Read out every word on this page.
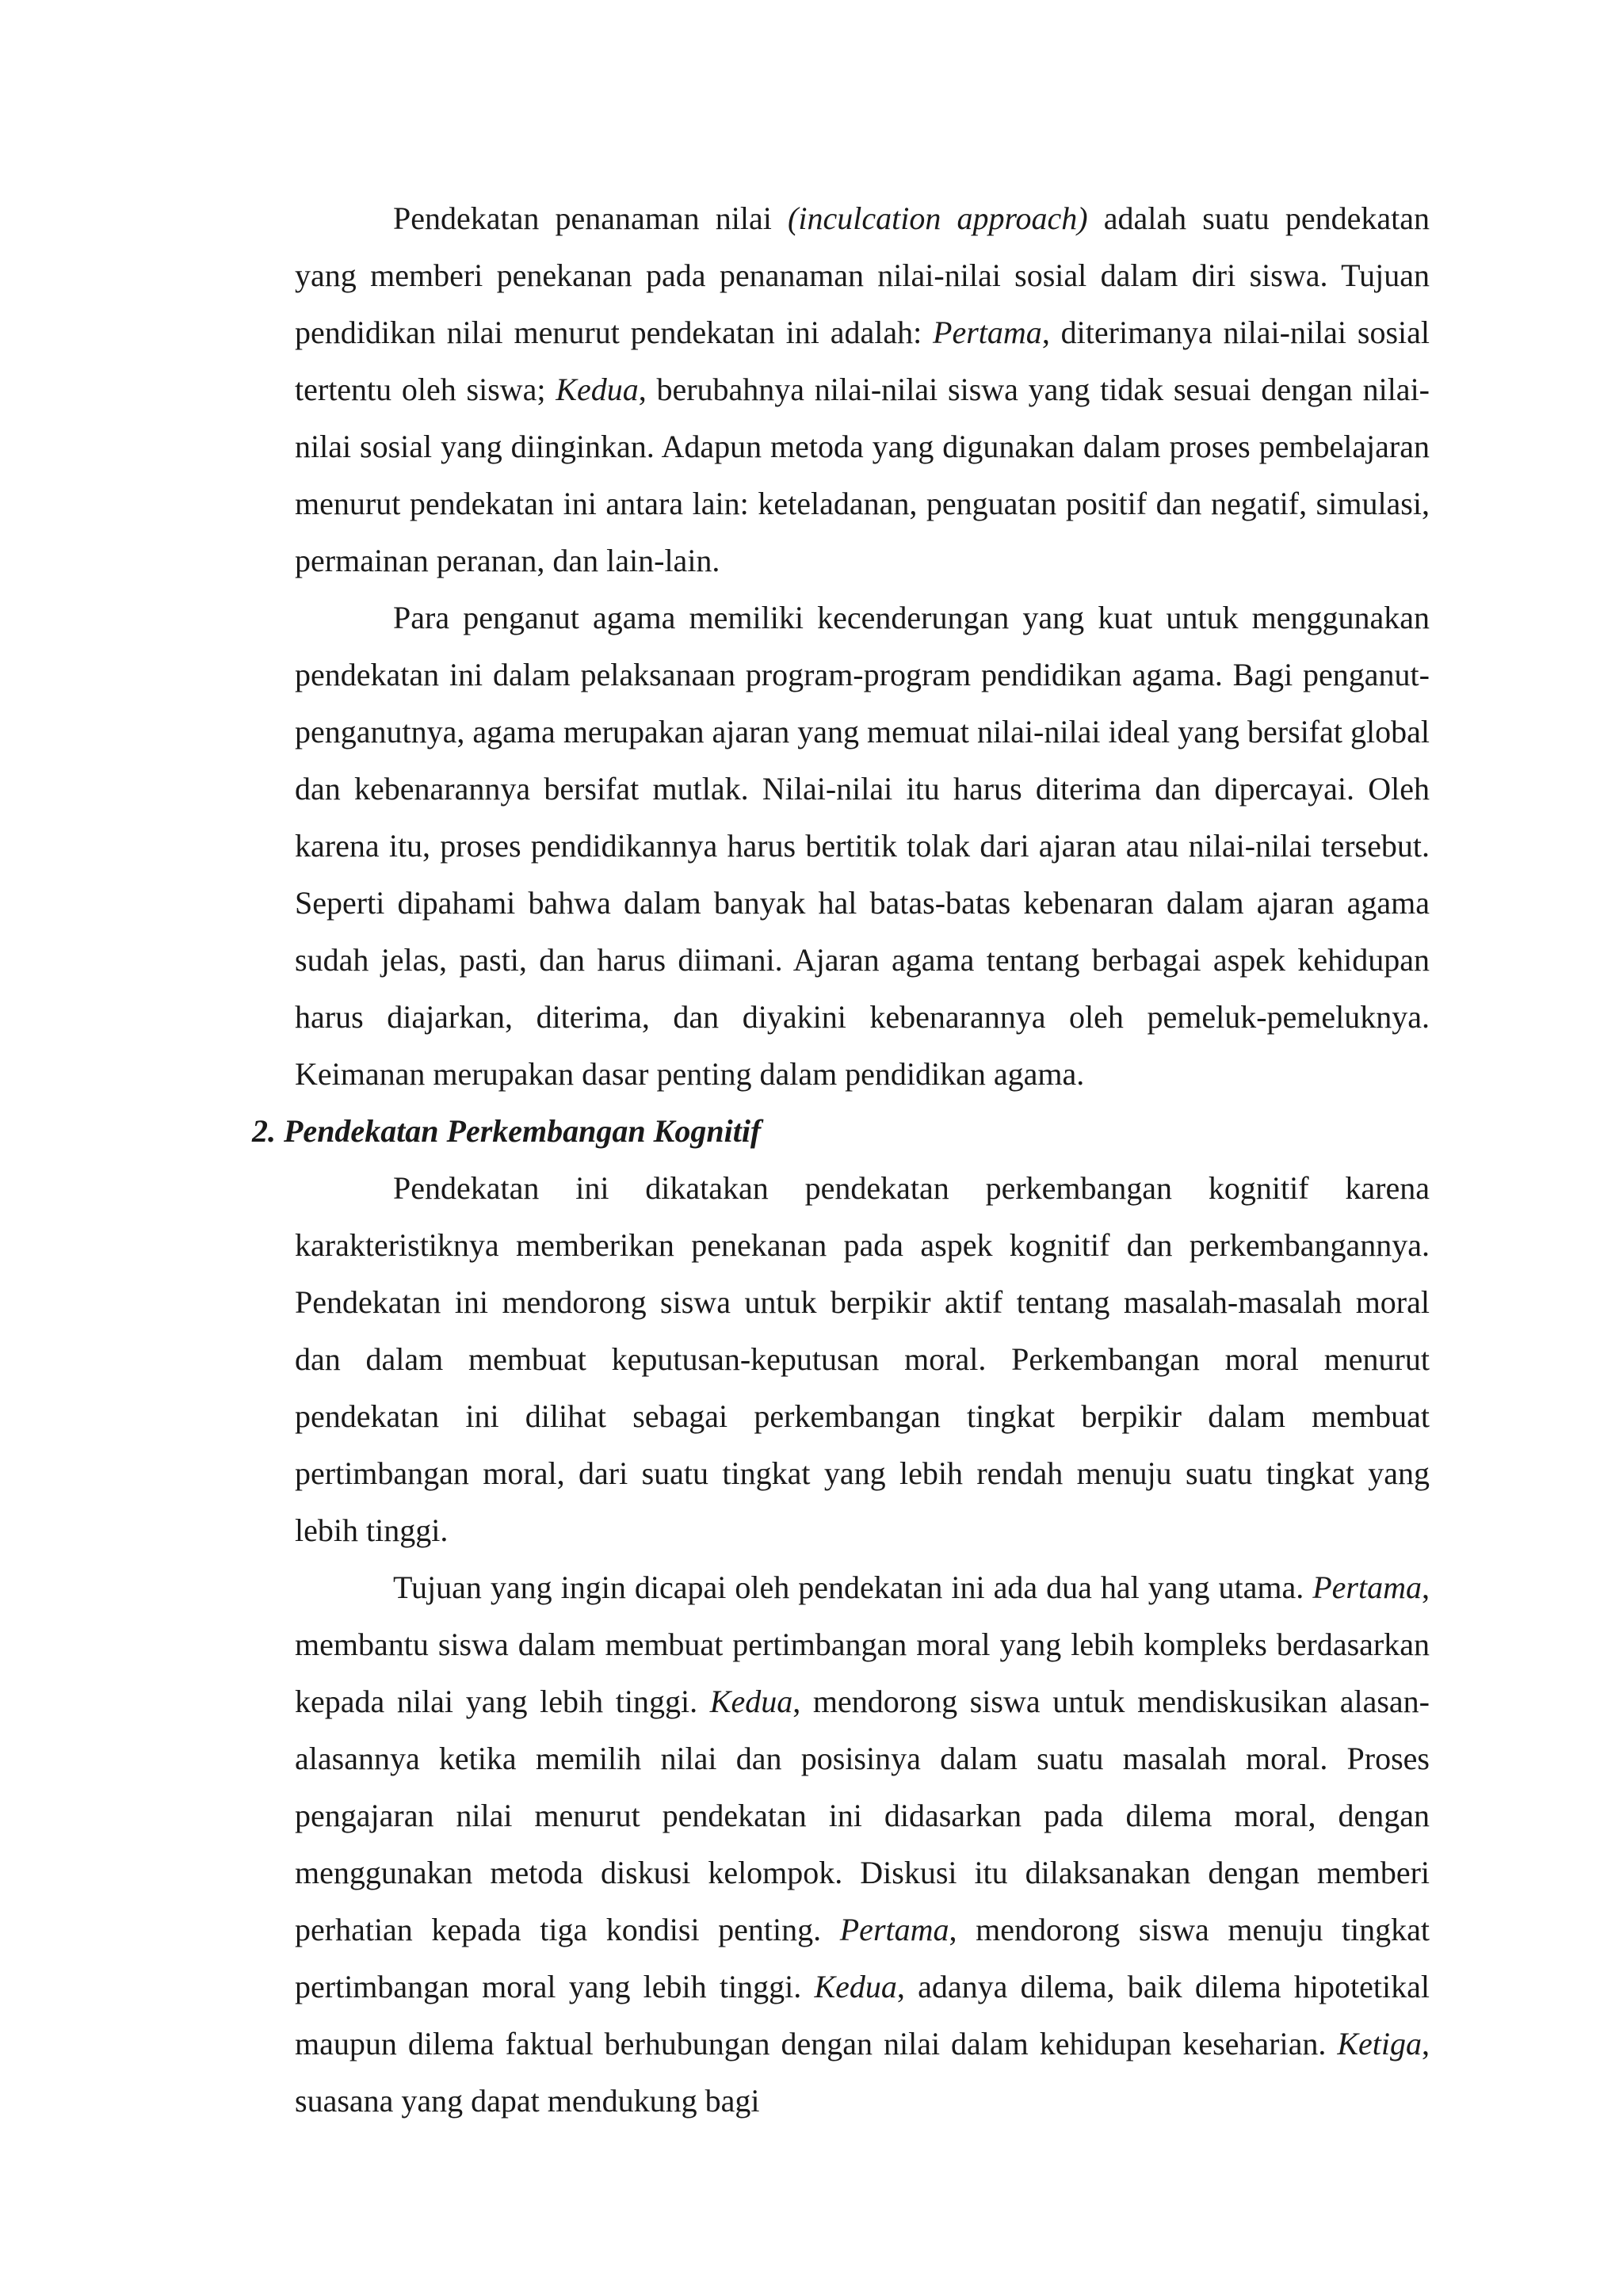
Pendekatan penanaman nilai (inculcation approach) adalah suatu pendekatan yang memberi penekanan pada penanaman nilai-nilai sosial dalam diri siswa. Tujuan pendidikan nilai menurut pendekatan ini adalah: Pertama, diterimanya nilai-nilai sosial tertentu oleh siswa; Kedua, berubahnya nilai-nilai siswa yang tidak sesuai dengan nilai-nilai sosial yang diinginkan. Adapun metoda yang digunakan dalam proses pembelajaran menurut pendekatan ini antara lain: keteladanan, penguatan positif dan negatif, simulasi, permainan peranan, dan lain-lain.

Para penganut agama memiliki kecenderungan yang kuat untuk menggunakan pendekatan ini dalam pelaksanaan program-program pendidikan agama. Bagi penganut-penganutnya, agama merupakan ajaran yang memuat nilai-nilai ideal yang bersifat global dan kebenarannya bersifat mutlak. Nilai-nilai itu harus diterima dan dipercayai. Oleh karena itu, proses pendidikannya harus bertitik tolak dari ajaran atau nilai-nilai tersebut. Seperti dipahami bahwa dalam banyak hal batas-batas kebenaran dalam ajaran agama sudah jelas, pasti, dan harus diimani. Ajaran agama tentang berbagai aspek kehidupan harus diajarkan, diterima, dan diyakini kebenarannya oleh pemeluk-pemeluknya. Keimanan merupakan dasar penting dalam pendidikan agama.

2. Pendekatan Perkembangan Kognitif

Pendekatan ini dikatakan pendekatan perkembangan kognitif karena karakteristiknya memberikan penekanan pada aspek kognitif dan perkembangannya. Pendekatan ini mendorong siswa untuk berpikir aktif tentang masalah-masalah moral dan dalam membuat keputusan-keputusan moral. Perkembangan moral menurut pendekatan ini dilihat sebagai perkembangan tingkat berpikir dalam membuat pertimbangan moral, dari suatu tingkat yang lebih rendah menuju suatu tingkat yang lebih tinggi.

Tujuan yang ingin dicapai oleh pendekatan ini ada dua hal yang utama. Pertama, membantu siswa dalam membuat pertimbangan moral yang lebih kompleks berdasarkan kepada nilai yang lebih tinggi. Kedua, mendorong siswa untuk mendiskusikan alasan-alasannya ketika memilih nilai dan posisinya dalam suatu masalah moral. Proses pengajaran nilai menurut pendekatan ini didasarkan pada dilema moral, dengan menggunakan metoda diskusi kelompok. Diskusi itu dilaksanakan dengan memberi perhatian kepada tiga kondisi penting. Pertama, mendorong siswa menuju tingkat pertimbangan moral yang lebih tinggi. Kedua, adanya dilema, baik dilema hipotetikal maupun dilema faktual berhubungan dengan nilai dalam kehidupan keseharian. Ketiga, suasana yang dapat mendukung bagi
